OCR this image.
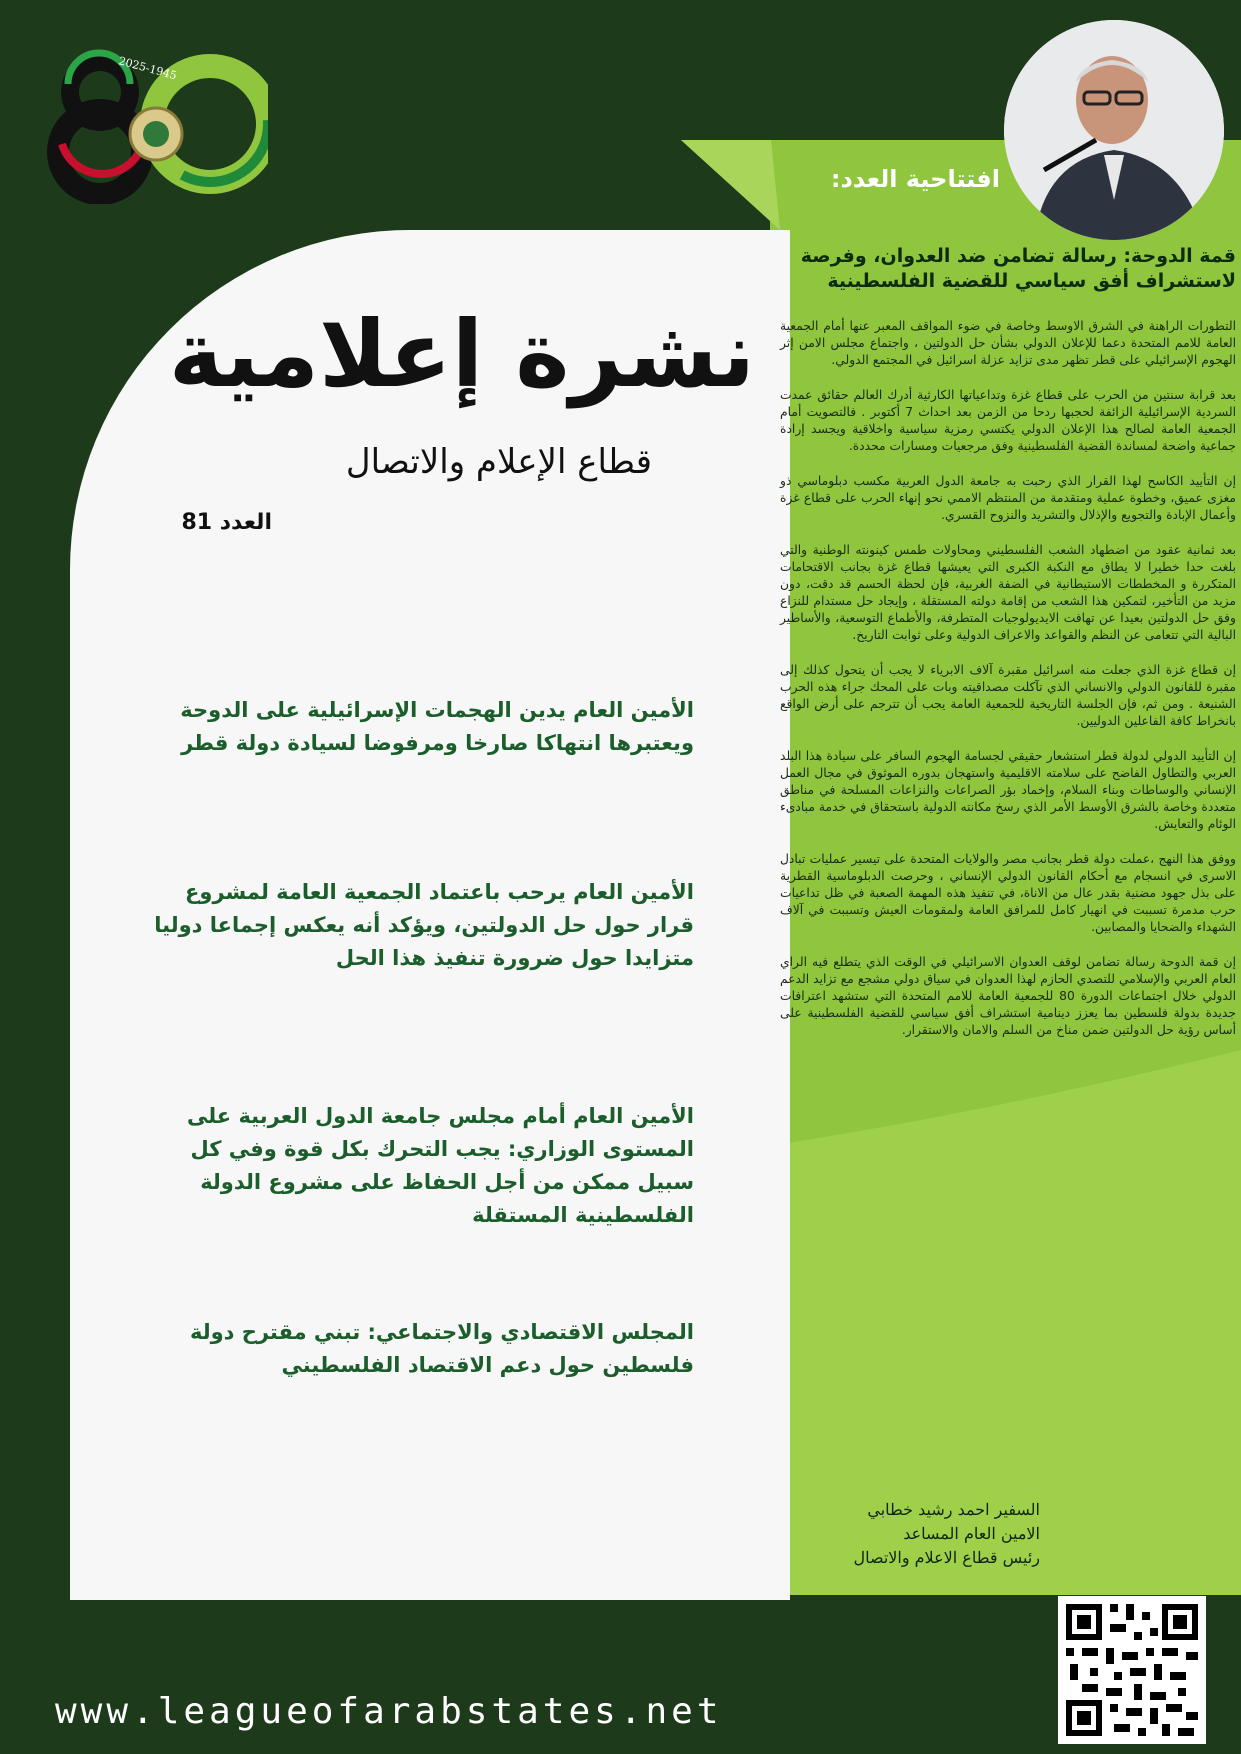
2025-1945
افتتاحية العدد:
قمة الدوحة: رسالة تضامن ضد العدوان، وفرصة لاستشراف أفق سياسي للقضية الفلسطينية

التطورات الراهنة في الشرق الاوسط وخاصة في ضوء المواقف المعبر عنها أمام الجمعية العامة للامم المتحدة دعما للإعلان الدولي بشأن حل الدولتين ، واجتماع مجلس الامن إثر الهجوم الإسرائيلي على قطر تظهر مدى تزايد عزلة اسرائيل في المجتمع الدولي.

بعد قرابة سنتين من الحرب على قطاع غزة وتداعياتها الكارثية أدرك العالم حقائق عمدت السردية الإسرائيلية الزائفة لحجبها ردحا من الزمن بعد احداث 7 أكتوبر . فالتصويت أمام الجمعية العامة لصالح هذا الإعلان الدولي يكتسي رمزية سياسية واخلاقية ويجسد إرادة جماعية واضحة لمساندة القضية الفلسطينية وفق مرجعيات ومسارات محددة.

إن التأييد الكاسح لهذا القرار الذي رحبت به جامعة الدول العربية مكسب دبلوماسي ذو مغزى عميق، وخطوة عملية ومتقدمة من المنتظم الاممي نحو إنهاء الحرب على قطاع غزة وأعمال الإبادة والتجويع والإذلال والتشريد والنزوح القسري.

بعد ثمانية عقود من اضطهاد الشعب الفلسطيني ومحاولات طمس كينونته الوطنية والتي بلغت حدا خطيرا لا يطاق مع النكبة الكبرى التي يعيشها قطاع غزة بجانب الاقتحامات المتكررة و المخططات الاستيطانية في الضفة الغربية، فإن لحظة الحسم قد دقت، دون مزيد من التأخير، لتمكين هذا الشعب من إقامة دولته المستقلة ، وإيجاد حل مستدام للنزاع وفق حل الدولتين بعيدا عن تهافت الايديولوجيات المتطرفة، والأطماع التوسعية، والأساطير البالية التي تتعامى عن النظم والقواعد والاعراف الدولية وعلى ثوابت التاريخ.

إن قطاع غزة الذي جعلت منه اسرائيل مقبرة آلاف الابرياء لا يجب أن يتحول كذلك إلى مقبرة للقانون الدولي والانساني الذي تآكلت مصداقيته وبات على المحك جراء هذه الحرب الشنيعة . ومن ثم، فإن الجلسة التاريخية للجمعية العامة يجب أن تترجم على أرض الواقع بانخراط كافة الفاعلين الدوليين.

إن التأييد الدولي لدولة قطر استشعار حقيقي لجسامة الهجوم السافر على سيادة هذا البلد العربي والتطاول الفاضح على سلامته الاقليمية واستهجان بدوره الموثوق في مجال العمل الإنساني والوساطات وبناء السلام، وإخماد بؤر الصراعات والنزاعات المسلحة في مناطق متعددة وخاصة بالشرق الأوسط الأمر الذي رسخ مكانته الدولية باستحقاق في خدمة مبادىء الوئام والتعايش.

ووفق هذا النهج ،عملت دولة قطر بجانب مصر والولايات المتحدة على تيسير عمليات تبادل الاسرى في انسجام مع أحكام القانون الدولي الإنساني ، وحرصت الدبلوماسية القطرية على بذل جهود مضنية بقدر عال من الاناة، في تنفيذ هذه المهمة الصعبة في ظل تداعيات حرب مدمرة تسببت في انهيار كامل للمرافق العامة ولمقومات العيش وتسببت في آلاف الشهداء والضحايا والمصابين.

إن قمة الدوحة رسالة تضامن لوقف العدوان الاسرائيلي في الوقت الذي يتطلع فيه الراي العام العربي والإسلامي للتصدي الحازم لهذا العدوان في سياق دولي مشجع مع تزايد الدعم الدولي خلال اجتماعات الدورة 80 للجمعية العامة للامم المتحدة التي ستشهد اعترافات جديدة بدولة فلسطين بما يعزز دينامية استشراف أفق سياسي للقضية الفلسطينية على أساس رؤية حل الدولتين ضمن مناخ من السلم والامان والاستقرار.

السفير احمد رشيد خطابي
الامين العام المساعد
رئيس قطاع الاعلام والاتصال
نشرة إعلامية
قطاع الإعلام والاتصال
العدد 81
الأمين العام يدين الهجمات الإسرائيلية على الدوحة ويعتبرها انتهاكا صارخا ومرفوضا لسيادة دولة قطر
الأمين العام يرحب باعتماد الجمعية العامة لمشروع قرار حول حل الدولتين، ويؤكد أنه يعكس إجماعا دوليا متزايدا حول ضرورة تنفيذ هذا الحل
الأمين العام أمام مجلس جامعة الدول العربية على المستوى الوزاري: يجب التحرك بكل قوة وفي كل سبيل ممكن من أجل الحفاظ على مشروع الدولة الفلسطينية المستقلة
المجلس الاقتصادي والاجتماعي: تبني مقترح دولة فلسطين حول دعم الاقتصاد الفلسطيني
www.leagueofarabstates.net
